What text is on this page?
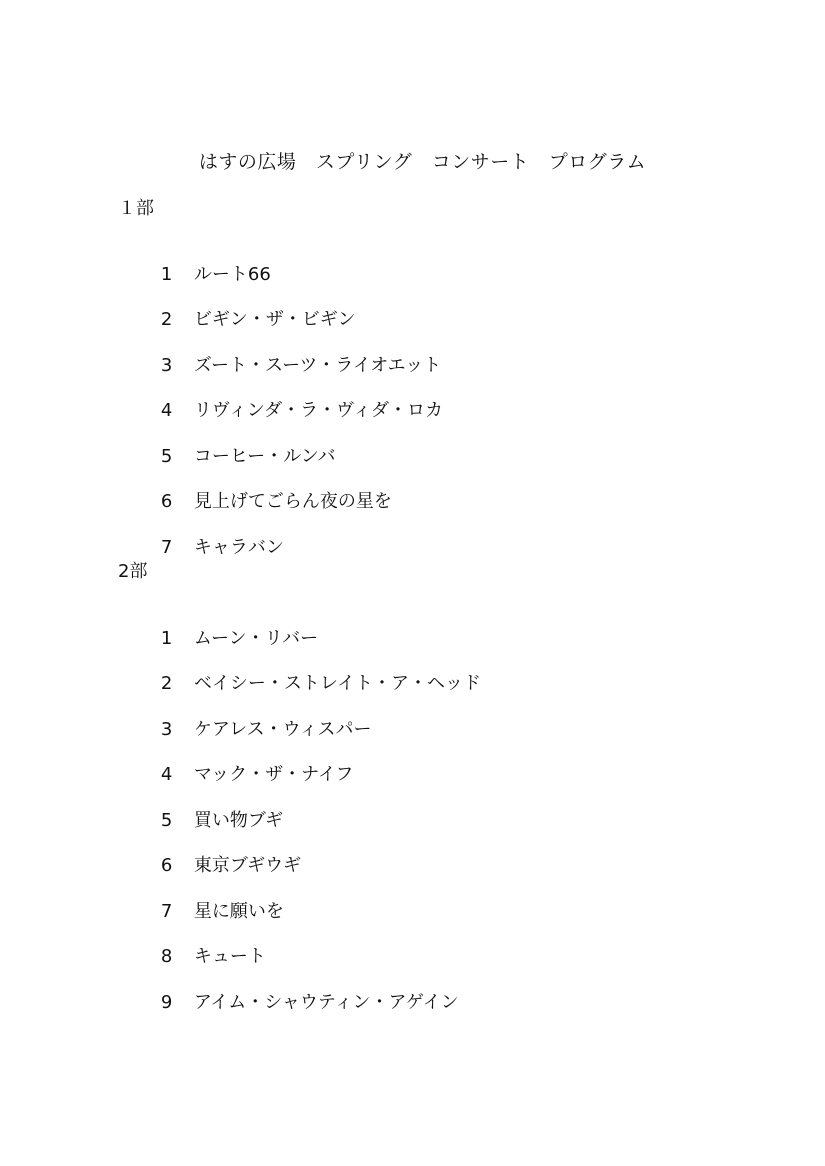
はすの広場　スプリング　コンサート　プログラム
１部

1 ルート66

2 ビギン・ザ・ビギン

3 ズート・スーツ・ライオエット

4 リヴィンダ・ラ・ヴィダ・ロカ

5 コーヒー・ルンバ

6 見上げてごらん夜の星を

7 キャラバン

2部

1 ムーン・リバー

2 ベイシー・ストレイト・ア・ヘッド

3 ケアレス・ウィスパー

4 マック・ザ・ナイフ

5 買い物ブギ

6 東京ブギウギ

7 星に願いを

8 キュート

9 アイム・シャウティン・アゲイン
